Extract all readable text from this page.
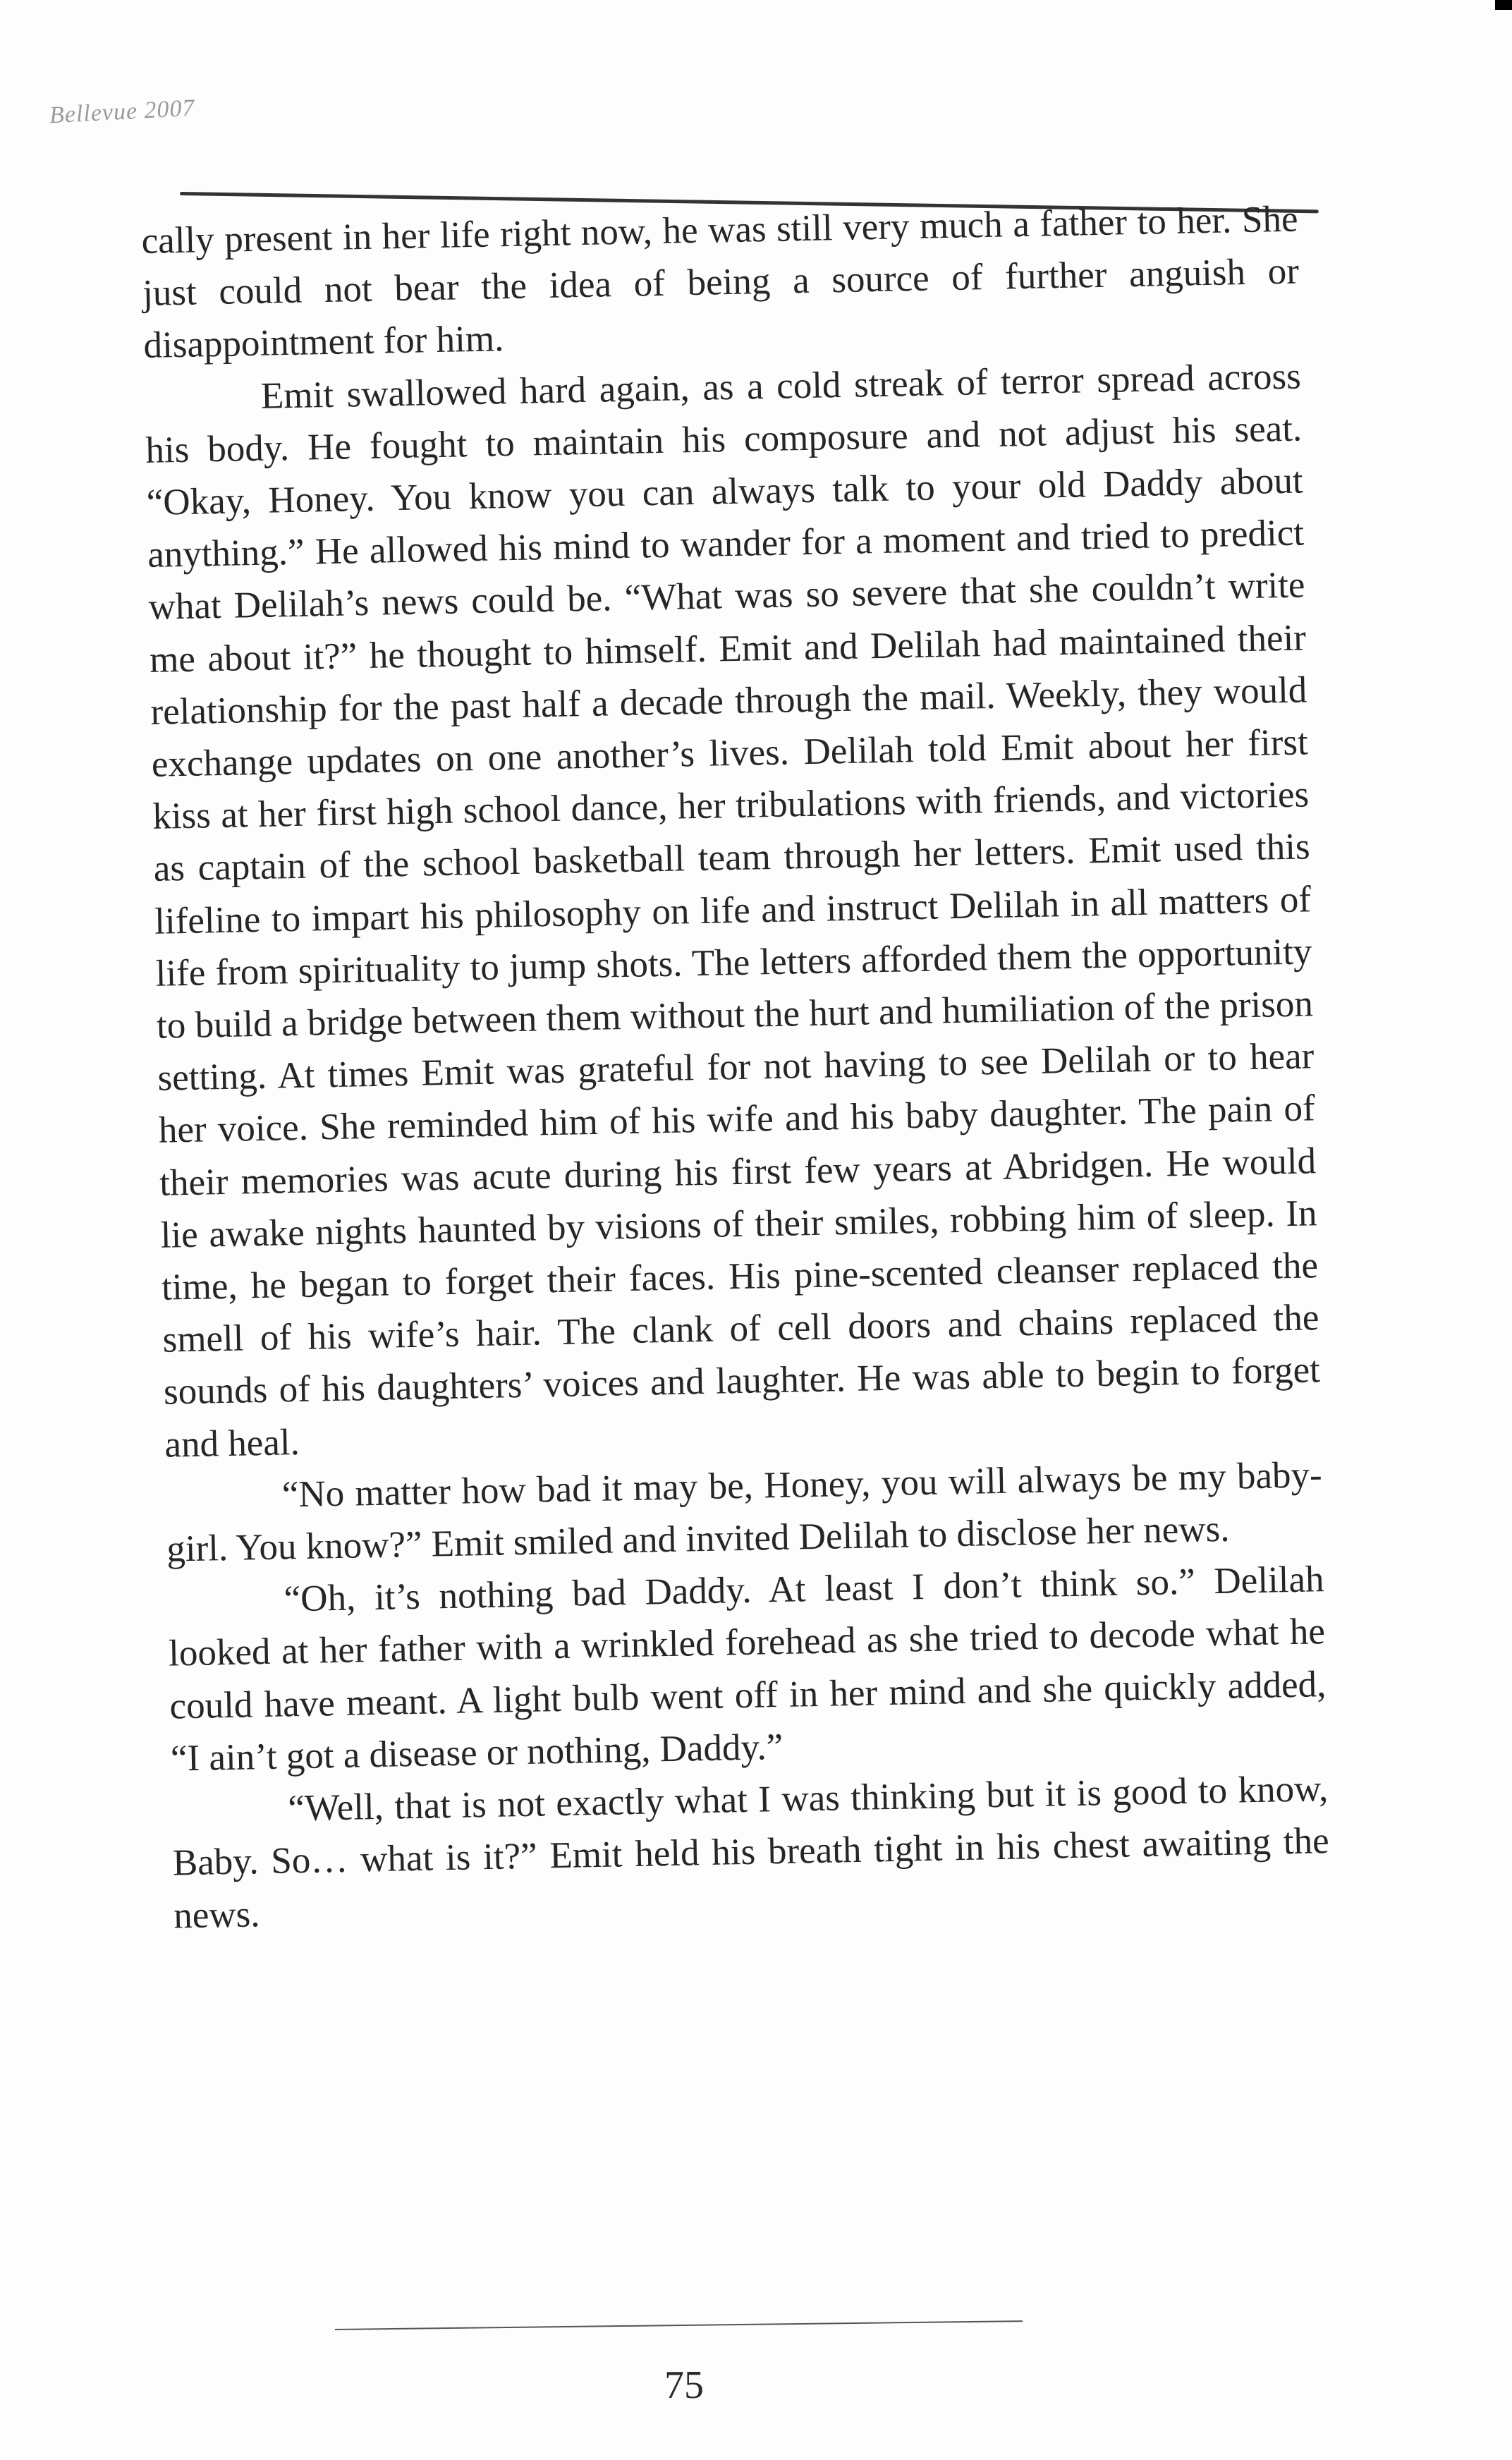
Bellevue 2007

cally present in her life right now, he was still very much a father to her. She just could not bear the idea of being a source of further anguish or disappointment for him.

Emit swallowed hard again, as a cold streak of terror spread across his body. He fought to maintain his composure and not adjust his seat. “Okay, Honey. You know you can always talk to your old Daddy about anything.” He allowed his mind to wander for a moment and tried to predict what Delilah’s news could be. “What was so severe that she couldn’t write me about it?” he thought to himself. Emit and Delilah had maintained their relationship for the past half a decade through the mail. Weekly, they would exchange updates on one another’s lives. Delilah told Emit about her first kiss at her first high school dance, her tribulations with friends, and victories as captain of the school basketball team through her letters. Emit used this lifeline to impart his philosophy on life and instruct Delilah in all matters of life from spirituality to jump shots. The letters afforded them the opportunity to build a bridge between them without the hurt and humiliation of the prison setting. At times Emit was grateful for not having to see Delilah or to hear her voice. She reminded him of his wife and his baby daughter. The pain of their memories was acute during his first few years at Abridgen. He would lie awake nights haunted by visions of their smiles, robbing him of sleep. In time, he began to forget their faces. His pine-scented cleanser replaced the smell of his wife’s hair. The clank of cell doors and chains replaced the sounds of his daughters’ voices and laughter. He was able to begin to forget and heal.

“No matter how bad it may be, Honey, you will always be my baby-girl. You know?” Emit smiled and invited Delilah to disclose her news.

“Oh, it’s nothing bad Daddy. At least I don’t think so.” Delilah looked at her father with a wrinkled forehead as she tried to decode what he could have meant. A light bulb went off in her mind and she quickly added, “I ain’t got a disease or nothing, Daddy.”

“Well, that is not exactly what I was thinking but it is good to know, Baby. So… what is it?” Emit held his breath tight in his chest awaiting the news.

75
